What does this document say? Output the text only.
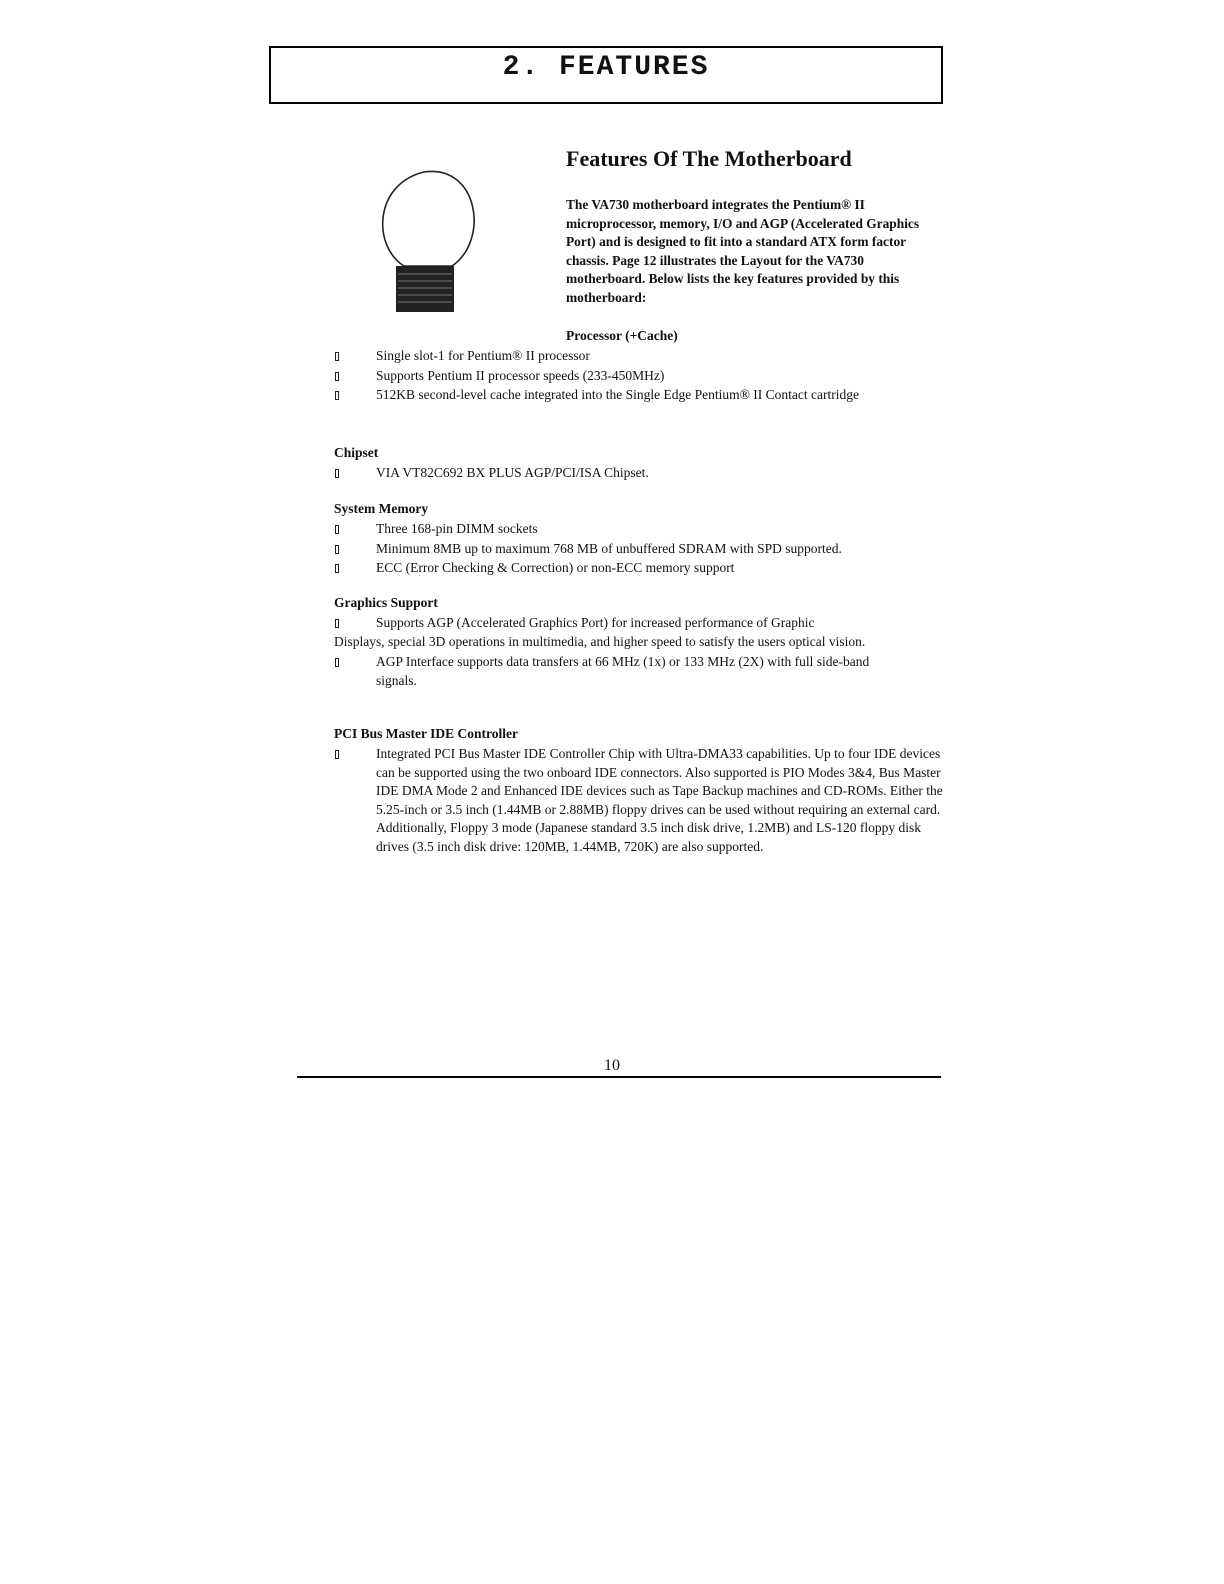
2. FEATURES
Features Of The Motherboard

The VA730 motherboard integrates the Pentium® II microprocessor, memory, I/O and AGP (Accelerated Graphics Port) and is designed to fit into a standard ATX form factor chassis. Page 12 illustrates the Layout for the VA730 motherboard. Below lists the key features provided by this motherboard:

Processor (+Cache)

Single slot-1 for Pentium® II processor
Supports Pentium II processor speeds (233-450MHz)
512KB second-level cache integrated into the Single Edge Pentium® II Contact cartridge

Chipset

VIA VT82C692 BX PLUS AGP/PCI/ISA Chipset.

System Memory

Three 168-pin DIMM sockets
Minimum 8MB up to maximum 768 MB of unbuffered SDRAM with SPD supported.
ECC (Error Checking & Correction) or non-ECC memory support

Graphics Support

Supports AGP (Accelerated Graphics Port) for increased performance of Graphic
Displays, special 3D operations in multimedia, and higher speed to satisfy the users optical vision.
AGP Interface supports data transfers at 66 MHz (1x) or 133 MHz (2X) with full side-band signals.

PCI Bus Master IDE Controller

Integrated PCI Bus Master IDE Controller Chip with Ultra-DMA33 capabilities. Up to four IDE devices can be supported using the two onboard IDE connectors. Also supported is PIO Modes 3&4, Bus Master IDE DMA Mode 2 and Enhanced IDE devices such as Tape Backup machines and CD-ROMs. Either the 5.25-inch or 3.5 inch (1.44MB or 2.88MB) floppy drives can be used without requiring an external card. Additionally, Floppy 3 mode (Japanese standard 3.5 inch disk drive, 1.2MB) and LS-120 floppy disk drives (3.5 inch disk drive: 120MB, 1.44MB, 720K) are also supported.
10
